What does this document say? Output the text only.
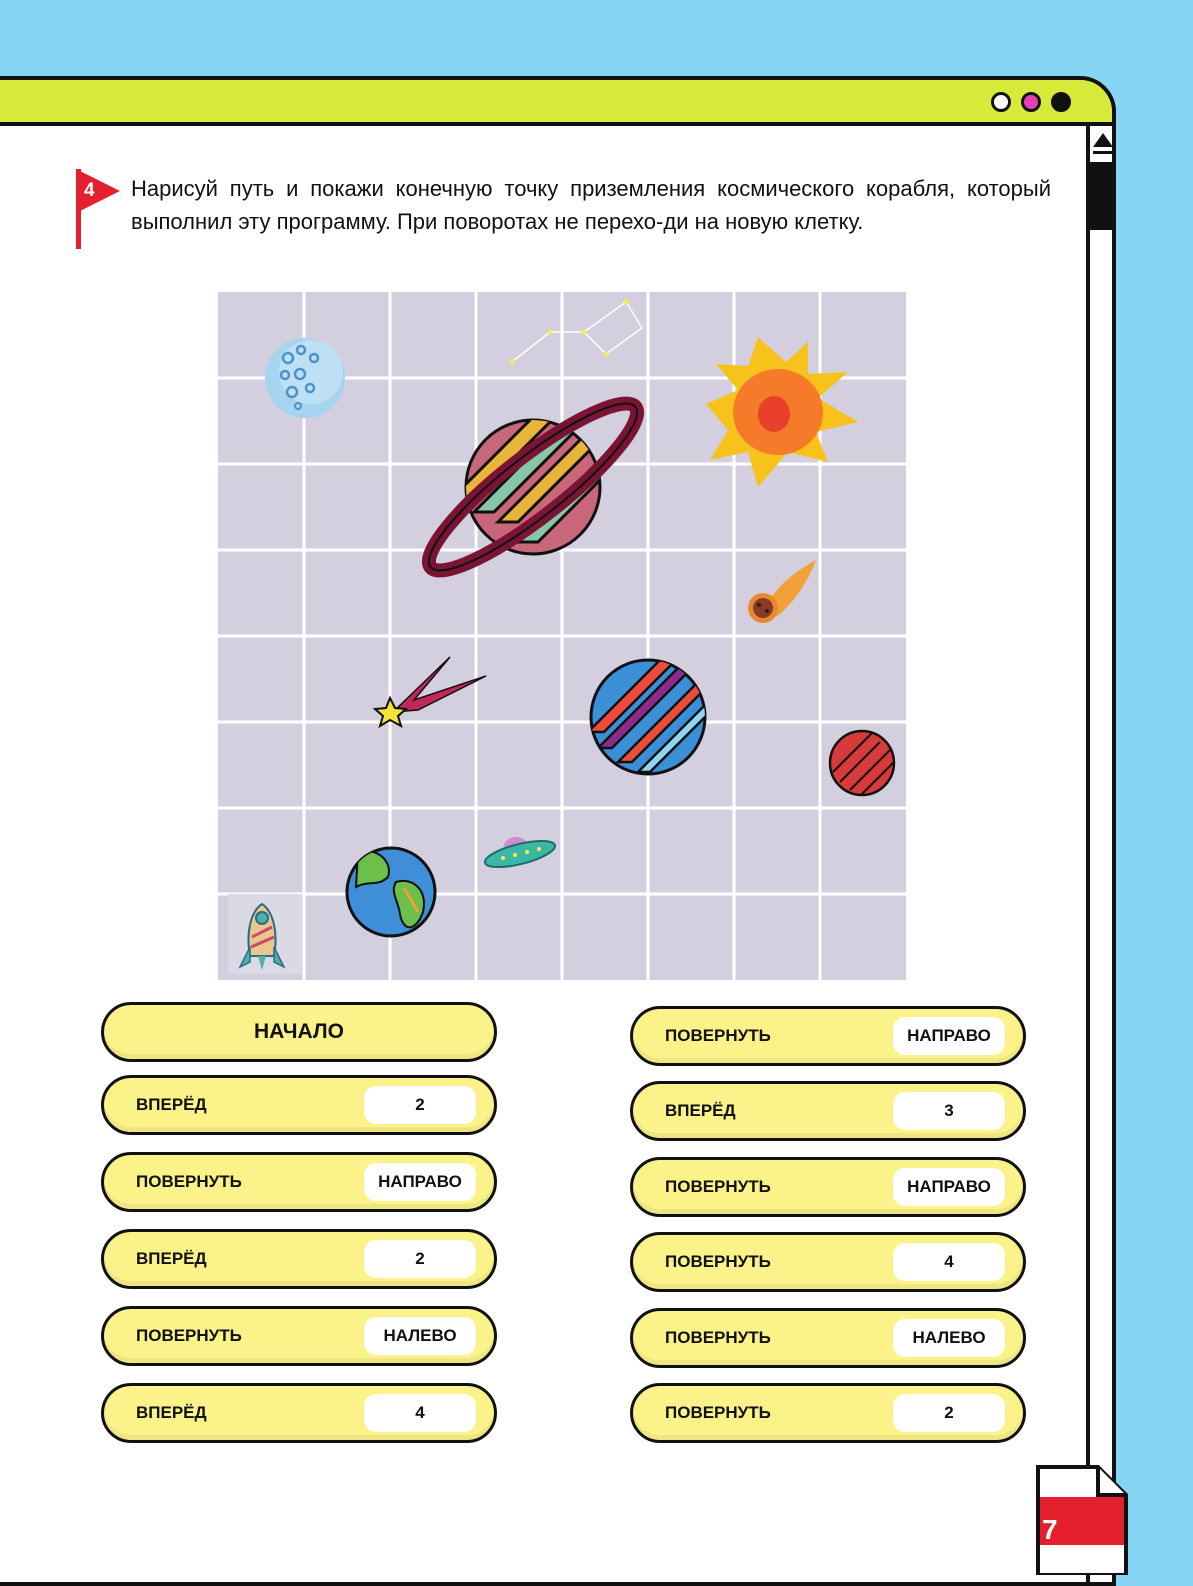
4 Нарисуй путь и покажи конечную точку приземления космического корабля, который выполнил эту программу. При поворотах не перехо-ди на новую клетку.

НАЧАЛО
ВПЕРЁД	2
ПОВЕРНУТЬ	НАПРАВО
ВПЕРЁД	2
ПОВЕРНУТЬ	НАЛЕВО
ВПЕРЁД	4
ПОВЕРНУТЬ	НАПРАВО
ВПЕРЁД	3
ПОВЕРНУТЬ	НАПРАВО
ПОВЕРНУТЬ	4
ПОВЕРНУТЬ	НАЛЕВО
ПОВЕРНУТЬ	2
7
